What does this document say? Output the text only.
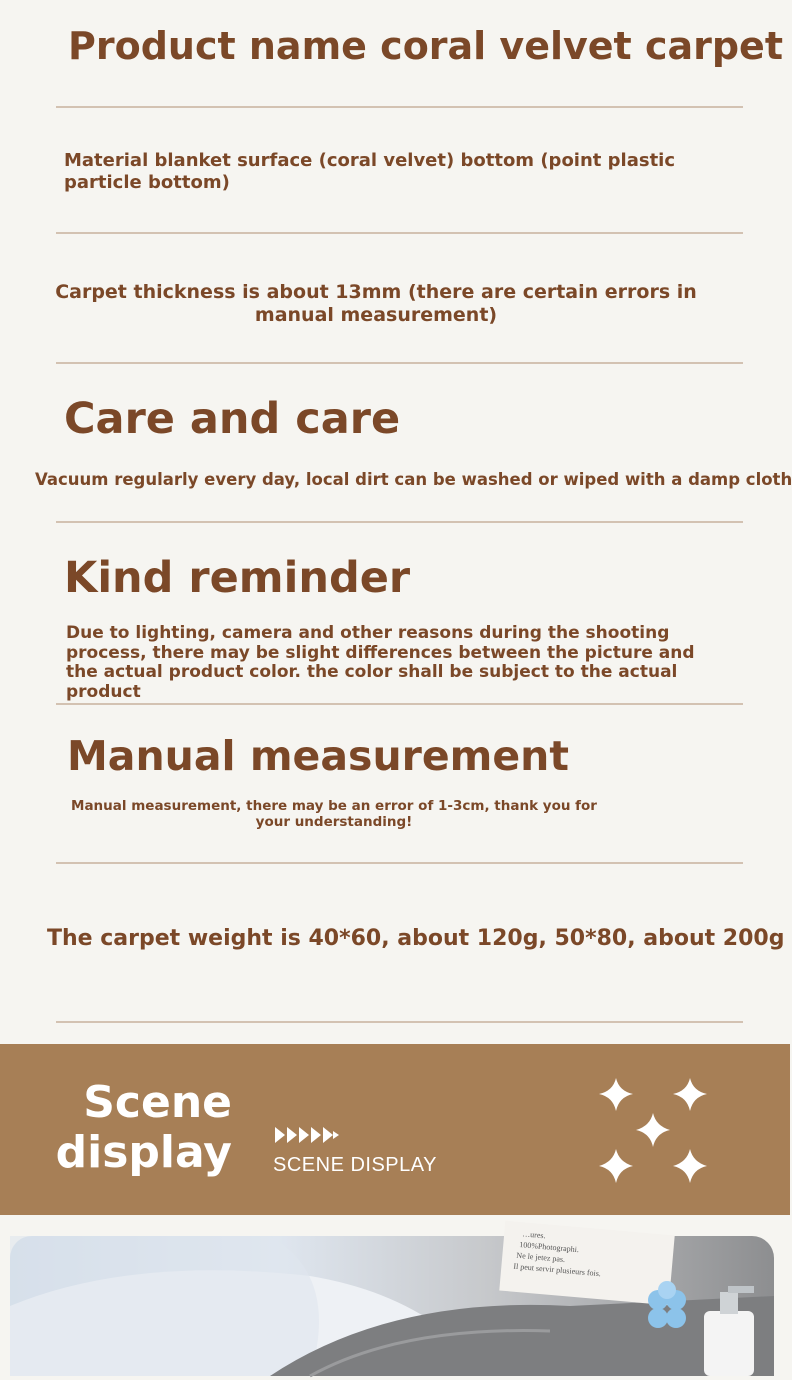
Product name coral velvet carpet
Material blanket surface (coral velvet) bottom (point plastic particle bottom)
Carpet thickness is about 13mm (there are certain errors in manual measurement)
Care and care
Vacuum regularly every day, local dirt can be washed or wiped with a damp cloth
Kind reminder
Due to lighting, camera and other reasons during the shooting process, there may be slight differences between the picture and the actual product color. the color shall be subject to the actual product
Manual measurement
Manual measurement, there may be an error of 1-3cm, thank you for your understanding!
The carpet weight is 40*60, about 120g, 50*80, about 200g
Scene
display SCENE DISPLAY
…ures.
100%Photographi.
Ne le jetez pas.
Il peut servir plusieurs fois.
